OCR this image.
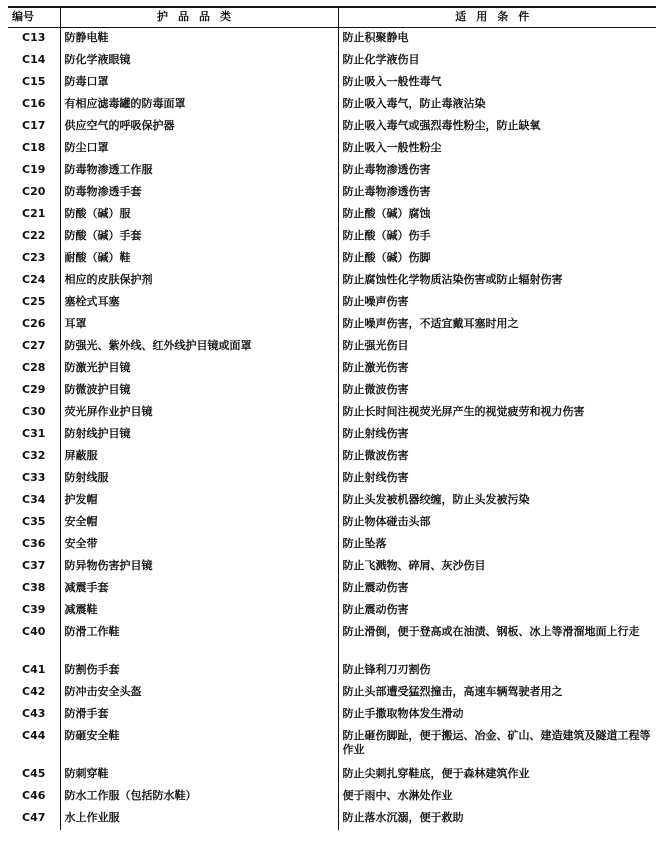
编号	护品品类	适用条件
C13	防静电鞋	防止积聚静电
C14	防化学液眼镜	防止化学液伤目
C15	防毒口罩	防止吸入一般性毒气
C16	有相应滤毒罐的防毒面罩	防止吸入毒气，防止毒液沾染
C17	供应空气的呼吸保护器	防止吸入毒气或强烈毒性粉尘，防止缺氧
C18	防尘口罩	防止吸入一般性粉尘
C19	防毒物渗透工作服	防止毒物渗透伤害
C20	防毒物渗透手套	防止毒物渗透伤害
C21	防酸（碱）服	防止酸（碱）腐蚀
C22	防酸（碱）手套	防止酸（碱）伤手
C23	耐酸（碱）鞋	防止酸（碱）伤脚
C24	相应的皮肤保护剂	防止腐蚀性化学物质沾染伤害或防止辐射伤害
C25	塞栓式耳塞	防止噪声伤害
C26	耳罩	防止噪声伤害，不适宜戴耳塞时用之
C27	防强光、紫外线、红外线护目镜或面罩	防止强光伤目
C28	防激光护目镜	防止激光伤害
C29	防微波护目镜	防止微波伤害
C30	荧光屏作业护目镜	防止长时间注视荧光屏产生的视觉疲劳和视力伤害
C31	防射线护目镜	防止射线伤害
C32	屏蔽服	防止微波伤害
C33	防射线服	防止射线伤害
C34	护发帽	防止头发被机器绞缠，防止头发被污染
C35	安全帽	防止物体碰击头部
C36	安全带	防止坠落
C37	防异物伤害护目镜	防止飞溅物、碎屑、灰沙伤目
C38	减震手套	防止震动伤害
C39	减震鞋	防止震动伤害
C40	防滑工作鞋	防止滑倒，便于登高或在油渍、钢板、冰上等滑溜地面上行走
C41	防割伤手套	防止锋利刀刃割伤
C42	防冲击安全头盔	防止头部遭受猛烈撞击，高速车辆驾驶者用之
C43	防滑手套	防止手撒取物体发生滑动
C44	防砸安全鞋	防止砸伤脚趾，便于搬运、冶金、矿山、建造建筑及隧道工程等作业
C45	防刺穿鞋	防止尖刺扎穿鞋底，便于森林建筑作业
C46	防水工作服（包括防水鞋）	便于雨中、水淋处作业
C47	水上作业服	防止落水沉溺，便于救助
